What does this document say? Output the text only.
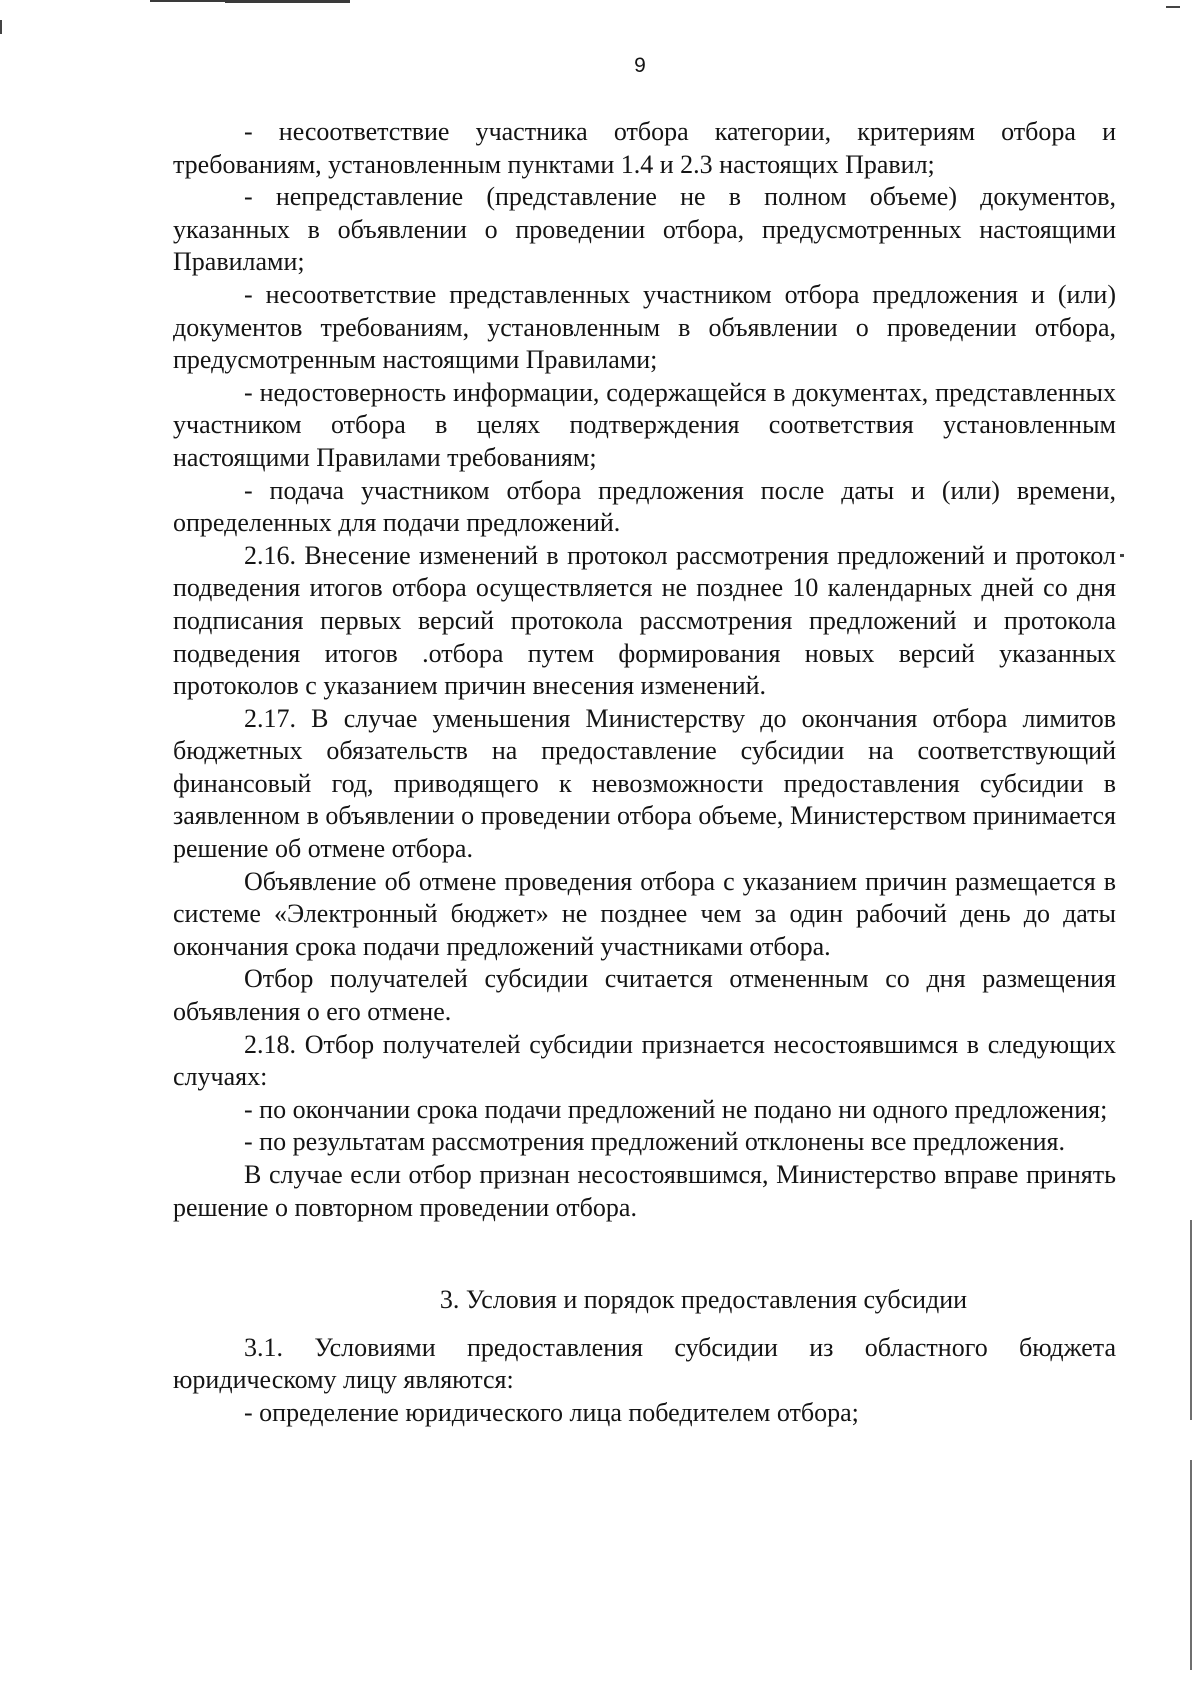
9

- несоответствие участника отбора категории, критериям отбора и требованиям, установленным пунктами 1.4 и 2.3 настоящих Правил;

- непредставление (представление не в полном объеме) документов, указанных в объявлении о проведении отбора, предусмотренных настоящими Правилами;

- несоответствие представленных участником отбора предложения и (или) документов требованиям, установленным в объявлении о проведении отбора, предусмотренным настоящими Правилами;

- недостоверность информации, содержащейся в документах, представленных участником отбора в целях подтверждения соответствия установленным настоящими Правилами требованиям;

- подача участником отбора предложения после даты и (или) времени, определенных для подачи предложений.

2.16. Внесение изменений в протокол рассмотрения предложений и протокол подведения итогов отбора осуществляется не позднее 10 календарных дней со дня подписания первых версий протокола рассмотрения предложений и протокола подведения итогов .отбора путем формирования новых версий указанных протоколов с указанием причин внесения изменений.

2.17. В случае уменьшения Министерству до окончания отбора лимитов бюджетных обязательств на предоставление субсидии на соответствующий финансовый год, приводящего к невозможности предоставления субсидии в заявленном в объявлении о проведении отбора объеме, Министерством принимается решение об отмене отбора.

Объявление об отмене проведения отбора с указанием причин размещается в системе «Электронный бюджет» не позднее чем за один рабочий день до даты окончания срока подачи предложений участниками отбора.

Отбор получателей субсидии считается отмененным со дня размещения объявления о его отмене.

2.18. Отбор получателей субсидии признается несостоявшимся в следующих случаях:

- по окончании срока подачи предложений не подано ни одного предложения;

- по результатам рассмотрения предложений отклонены все предложения.

В случае если отбор признан несостоявшимся, Министерство вправе принять решение о повторном проведении отбора.

3. Условия и порядок предоставления субсидии

3.1. Условиями предоставления субсидии из областного бюджета юридическому лицу являются:

- определение юридического лица победителем отбора;
